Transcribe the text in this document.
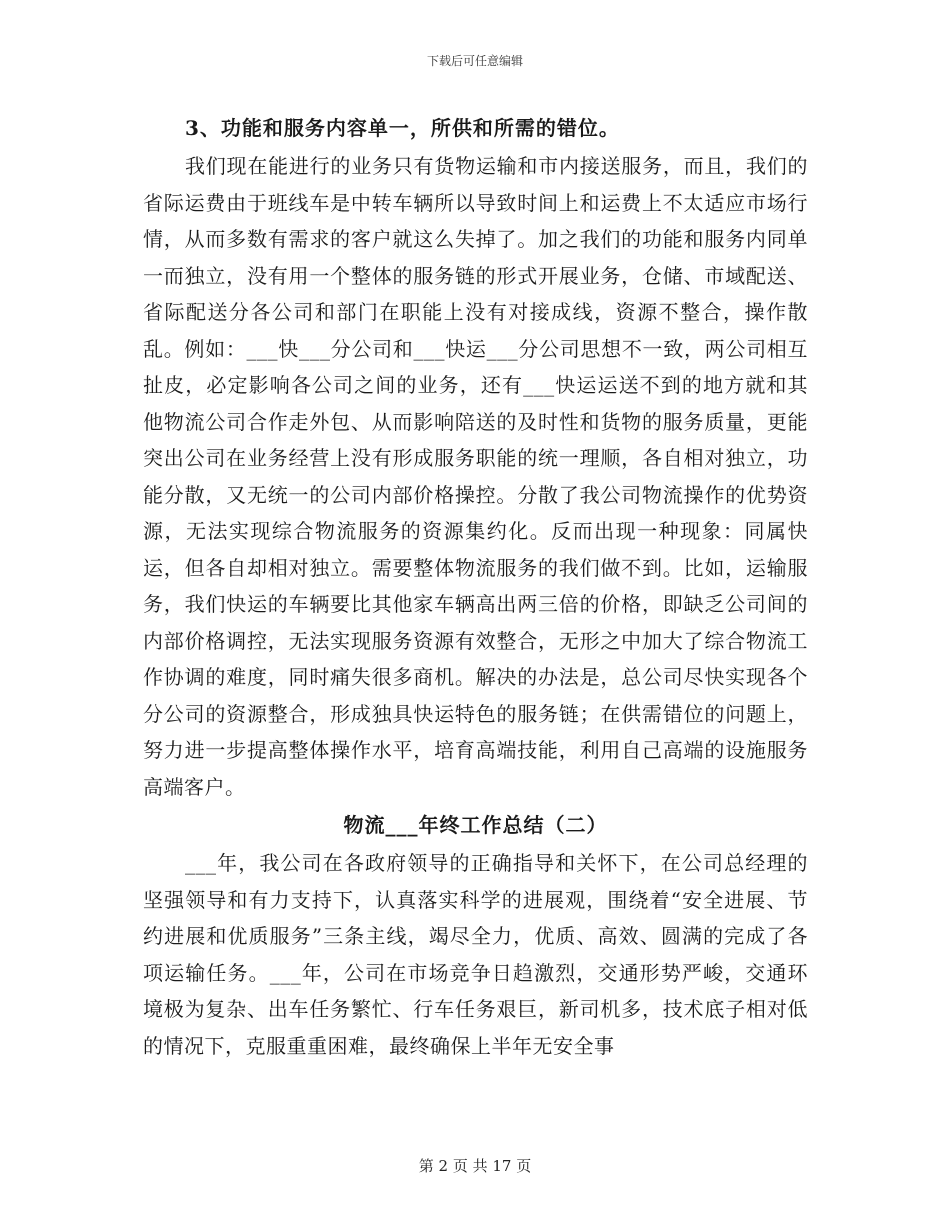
下载后可任意编辑

3、功能和服务内容单一，所供和所需的错位。

我们现在能进行的业务只有货物运输和市内接送服务，而且，我们的省际运费由于班线车是中转车辆所以导致时间上和运费上不太适应市场行情，从而多数有需求的客户就这么失掉了。加之我们的功能和服务内同单一而独立，没有用一个整体的服务链的形式开展业务，仓储、市域配送、省际配送分各公司和部门在职能上没有对接成线，资源不整合，操作散乱。例如：___快___分公司和___快运___分公司思想不一致，两公司相互扯皮，必定影响各公司之间的业务，还有___快运运送不到的地方就和其他物流公司合作走外包、从而影响陪送的及时性和货物的服务质量，更能突出公司在业务经营上没有形成服务职能的统一理顺，各自相对独立，功能分散，又无统一的公司内部价格操控。分散了我公司物流操作的优势资源，无法实现综合物流服务的资源集约化。反而出现一种现象：同属快运，但各自却相对独立。需要整体物流服务的我们做不到。比如，运输服务，我们快运的车辆要比其他家车辆高出两三倍的价格，即缺乏公司间的内部价格调控，无法实现服务资源有效整合，无形之中加大了综合物流工作协调的难度，同时痛失很多商机。解决的办法是，总公司尽快实现各个分公司的资源整合，形成独具快运特色的服务链；在供需错位的问题上，努力进一步提高整体操作水平，培育高端技能，利用自己高端的设施服务高端客户。

物流___年终工作总结（二）

___年，我公司在各政府领导的正确指导和关怀下，在公司总经理的坚强领导和有力支持下，认真落实科学的进展观，围绕着“安全进展、节约进展和优质服务”三条主线，竭尽全力，优质、高效、圆满的完成了各项运输任务。___年，公司在市场竞争日趋激烈，交通形势严峻，交通环境极为复杂、出车任务繁忙、行车任务艰巨，新司机多，技术底子相对低的情况下，克服重重困难，最终确保上半年无安全事

第 2 页 共 17 页
